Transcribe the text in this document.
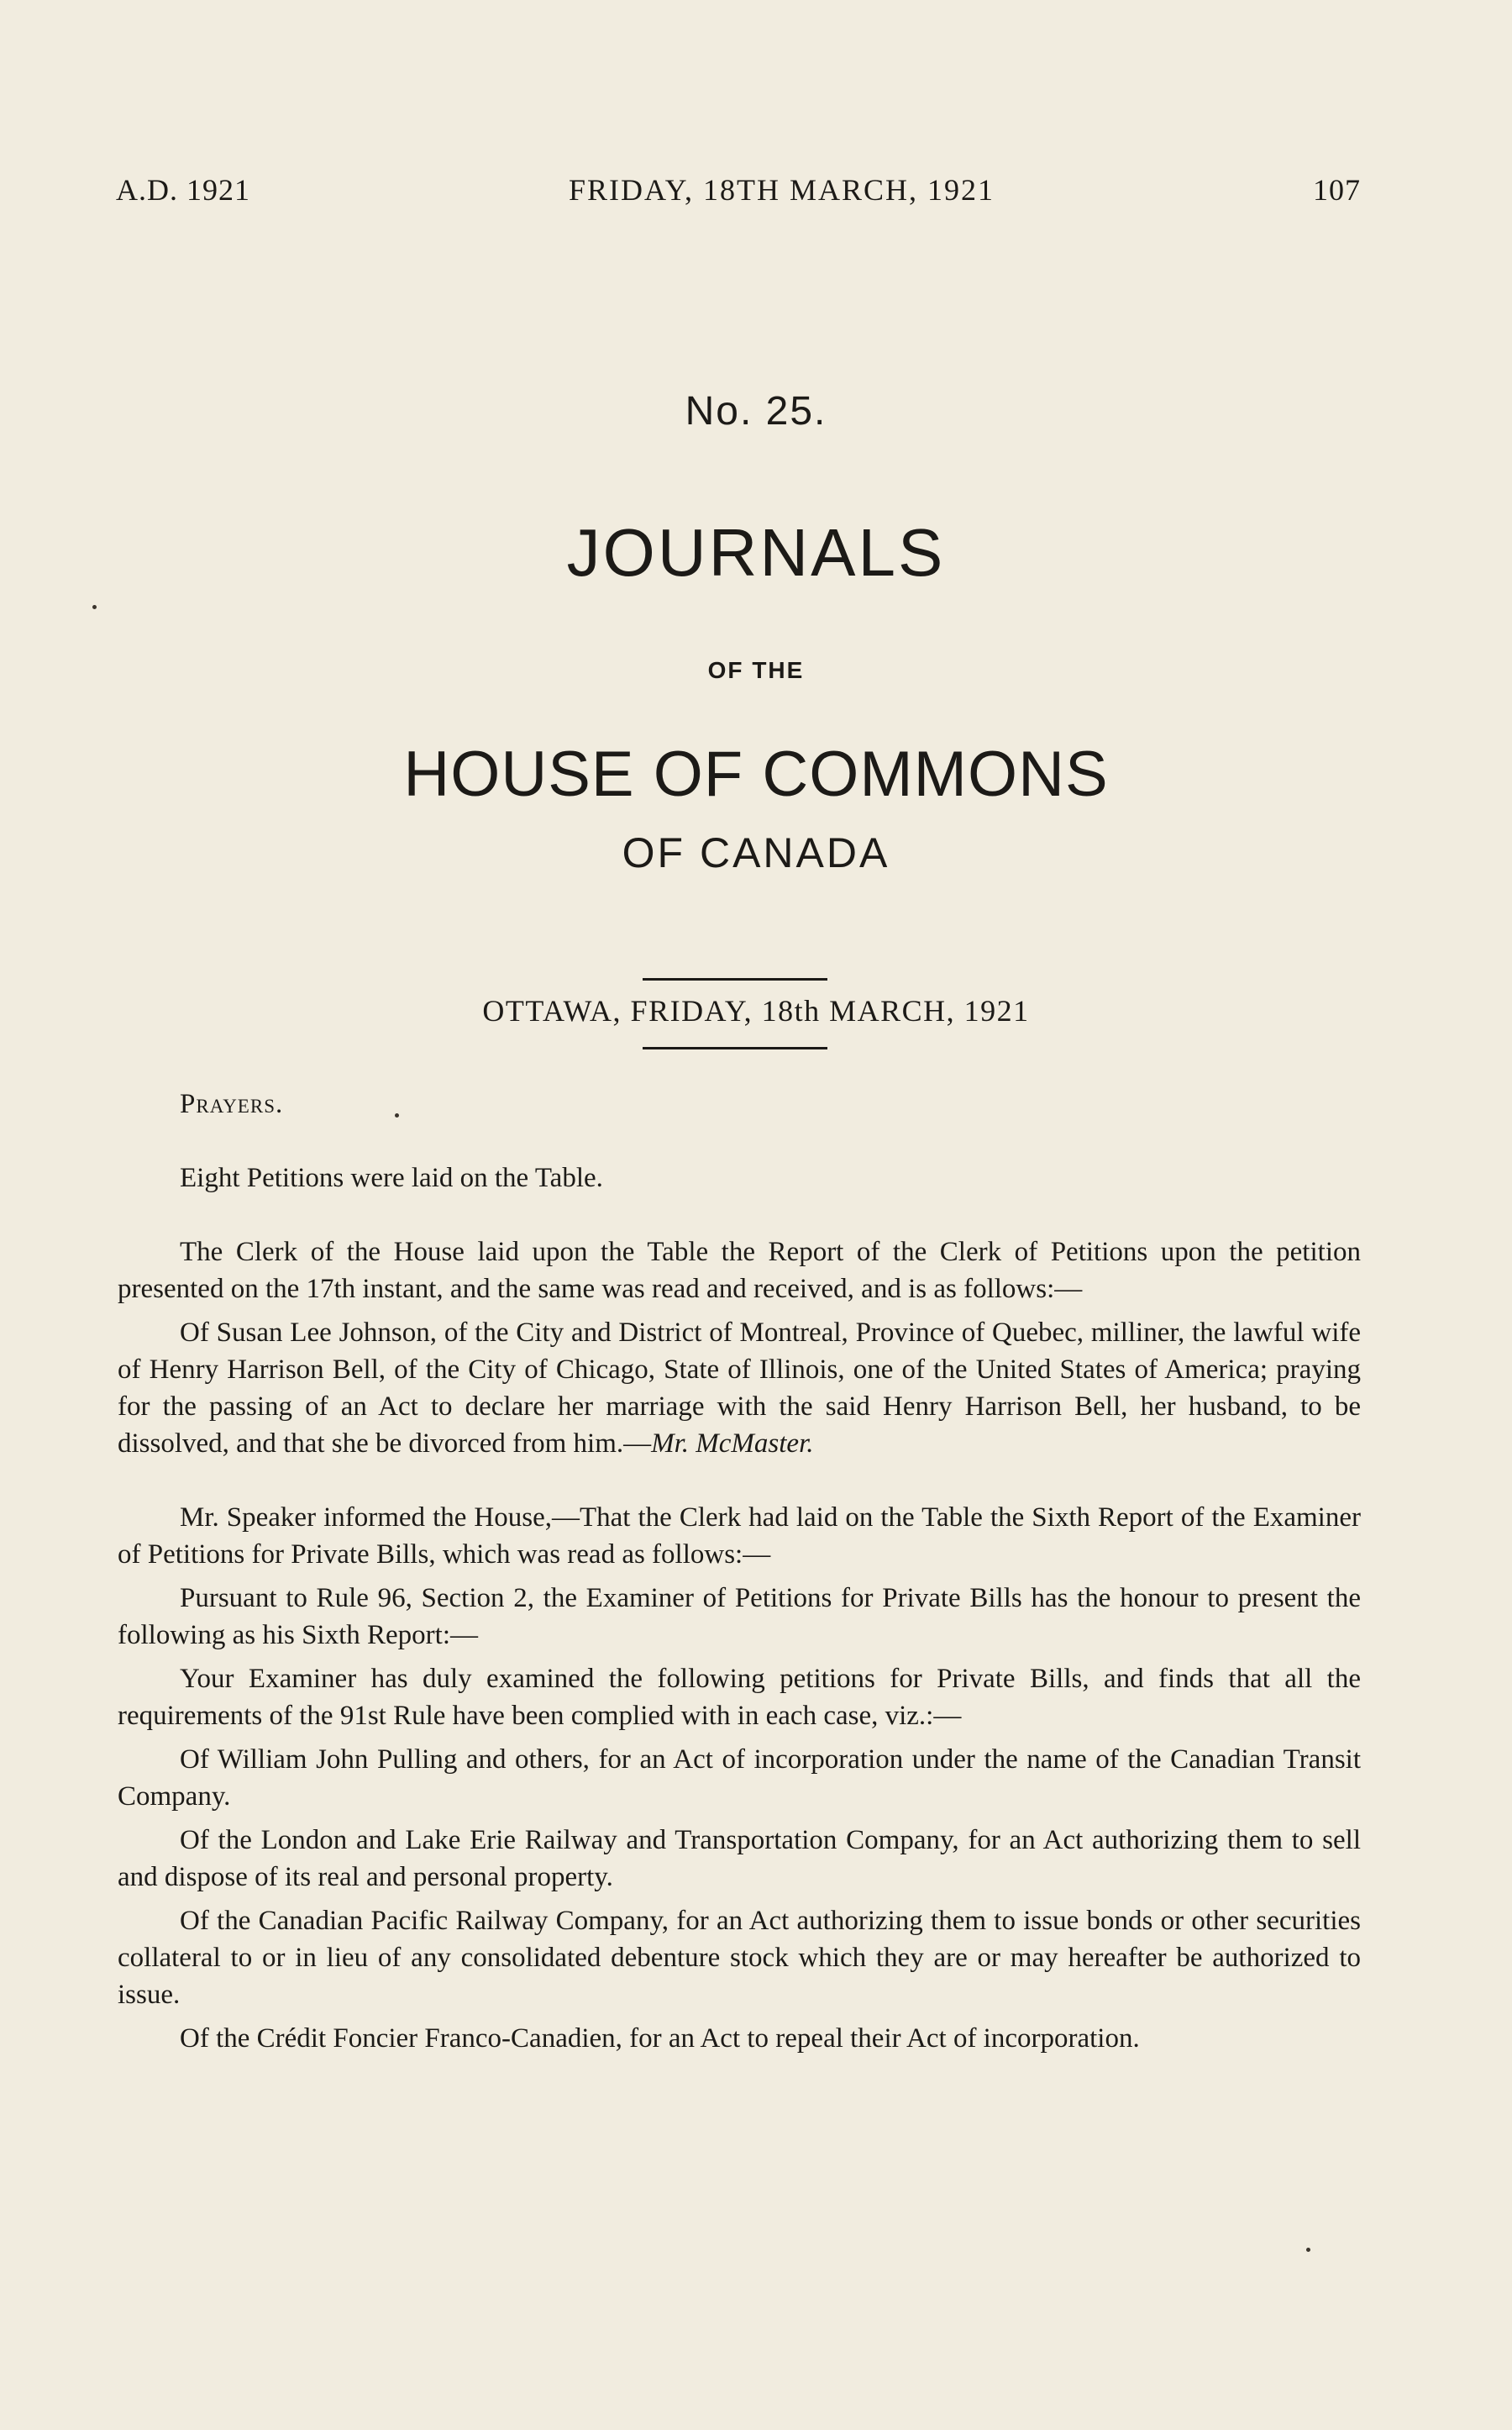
A.D. 1921	FRIDAY, 18TH MARCH, 1921	107
No. 25.
JOURNALS
OF THE
HOUSE OF COMMONS
OF CANADA
OTTAWA, FRIDAY, 18th MARCH, 1921

Prayers.

Eight Petitions were laid on the Table.

The Clerk of the House laid upon the Table the Report of the Clerk of Petitions upon the petition presented on the 17th instant, and the same was read and received, and is as follows:—

Of Susan Lee Johnson, of the City and District of Montreal, Province of Quebec, milliner, the lawful wife of Henry Harrison Bell, of the City of Chicago, State of Illinois, one of the United States of America; praying for the passing of an Act to declare her marriage with the said Henry Harrison Bell, her husband, to be dissolved, and that she be divorced from him.—Mr. McMaster.

Mr. Speaker informed the House,—That the Clerk had laid on the Table the Sixth Report of the Examiner of Petitions for Private Bills, which was read as follows:—

Pursuant to Rule 96, Section 2, the Examiner of Petitions for Private Bills has the honour to present the following as his Sixth Report:—

Your Examiner has duly examined the following petitions for Private Bills, and finds that all the requirements of the 91st Rule have been complied with in each case, viz.:—

Of William John Pulling and others, for an Act of incorporation under the name of the Canadian Transit Company.

Of the London and Lake Erie Railway and Transportation Company, for an Act authorizing them to sell and dispose of its real and personal property.

Of the Canadian Pacific Railway Company, for an Act authorizing them to issue bonds or other securities collateral to or in lieu of any consolidated debenture stock which they are or may hereafter be authorized to issue.

Of the Crédit Foncier Franco-Canadien, for an Act to repeal their Act of incorporation.
